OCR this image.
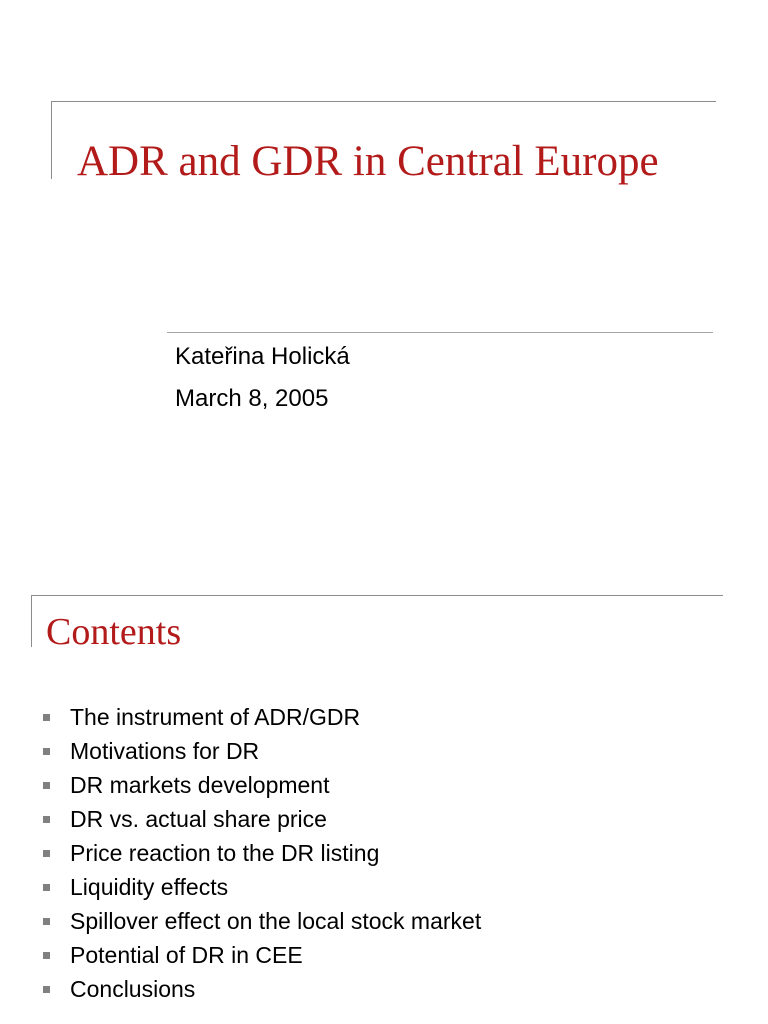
ADR and GDR in Central Europe
Kateřina Holická
March 8, 2005
Contents
The instrument of ADR/GDR
Motivations for DR
DR markets development
DR vs. actual share price
Price reaction to the DR listing
Liquidity effects
Spillover effect on the local stock market
Potential of DR in CEE
Conclusions
